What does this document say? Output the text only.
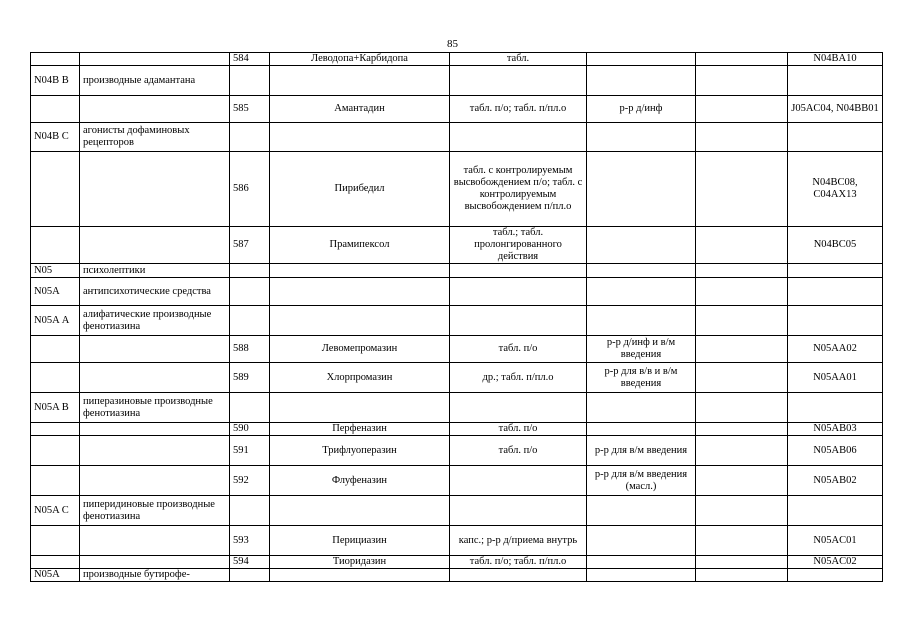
85
		584	Леводопа+Карбидопа	табл.			N04BA10
N04B В	производные адамантана						
		585	Амантадин	табл. п/о; табл. п/пл.о	р-р д/инф		J05AC04, N04BB01
N04B С	агонисты дофаминовых рецепторов						
		586	Пирибедил	табл. с контролируемым высвобождением п/о; табл. с контролируемым высвобождением п/пл.о			N04BC08, C04AX13
		587	Прамипексол	табл.; табл. пролонгированного действия			N04BC05
N05	психолептики						
N05A	антипсихотические средства						
N05A А	алифатические производные фенотиазина						
		588	Левомепромазин	табл. п/о	р-р д/инф и в/м введения		N05AA02
		589	Хлорпромазин	др.; табл. п/пл.о	р-р для в/в и в/м введения		N05AA01
N05A В	пиперазиновые производные фенотиазина						
		590	Перфеназин	табл. п/о			N05AB03
		591	Трифлуоперазин	табл. п/о	р-р для в/м введения		N05AB06
		592	Флуфеназин		р-р для в/м введения (масл.)		N05AB02
N05A С	пиперидиновые производные фенотиазина						
		593	Перициазин	капс.; р-р д/приема внутрь			N05AC01
		594	Тиоридазин	табл. п/о; табл. п/пл.о			N05AC02
N05A	производные бутирофе-						
